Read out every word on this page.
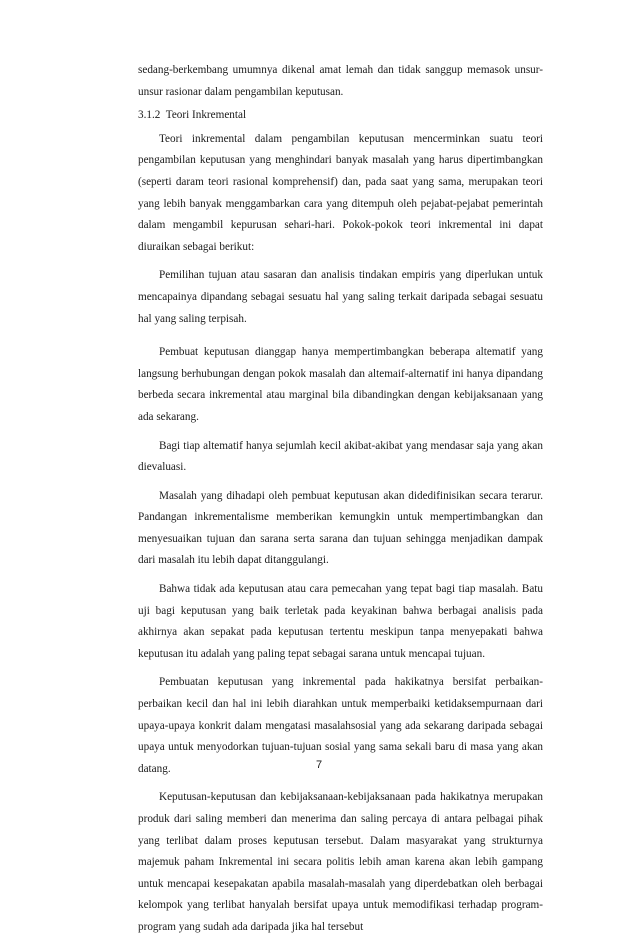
sedang-berkembang umumnya dikenal amat lemah dan tidak sanggup memasok unsur-unsur rasionar dalam pengambilan keputusan.

3.1.2 Teori Inkremental

Teori inkremental dalam pengambilan keputusan mencerminkan suatu teori pengambilan keputusan yang menghindari banyak masalah yang harus dipertimbangkan (seperti daram teori rasional komprehensif) dan, pada saat yang sama, merupakan teori yang lebih banyak menggambarkan cara yang ditempuh oleh pejabat-pejabat pemerintah dalam mengambil kepurusan sehari-hari. Pokok-pokok teori inkremental ini dapat diuraikan sebagai berikut:

Pemilihan tujuan atau sasaran dan analisis tindakan empiris yang diperlukan untuk mencapainya dipandang sebagai sesuatu hal yang saling terkait daripada sebagai sesuatu hal yang saling terpisah.

Pembuat keputusan dianggap hanya mempertimbangkan beberapa altematif yang langsung berhubungan dengan pokok masalah dan altemaif-alternatif ini hanya dipandang berbeda secara inkremental atau marginal bila dibandingkan dengan kebijaksanaan yang ada sekarang.

Bagi tiap altematif hanya sejumlah kecil akibat-akibat yang mendasar saja yang akan dievaluasi.

Masalah yang dihadapi oleh pembuat keputusan akan didedifinisikan secara terarur. Pandangan inkrementalisme memberikan kemungkin untuk mempertimbangkan dan menyesuaikan tujuan dan sarana serta sarana dan tujuan sehingga menjadikan dampak dari masalah itu lebih dapat ditanggulangi.

Bahwa tidak ada keputusan atau cara pemecahan yang tepat bagi tiap masalah. Batu uji bagi keputusan yang baik terletak pada keyakinan bahwa berbagai analisis pada akhirnya akan sepakat pada keputusan tertentu meskipun tanpa menyepakati bahwa keputusan itu adalah yang paling tepat sebagai sarana untuk mencapai tujuan.

Pembuatan keputusan yang inkremental pada hakikatnya bersifat perbaikan-perbaikan kecil dan hal ini lebih diarahkan untuk memperbaiki ketidaksempurnaan dari upaya-upaya konkrit dalam mengatasi masalahsosial yang ada sekarang daripada sebagai upaya untuk menyodorkan tujuan-tujuan sosial yang sama sekali baru di masa yang akan datang.

Keputusan-keputusan dan kebijaksanaan-kebijaksanaan pada hakikatnya merupakan produk dari saling memberi dan menerima dan saling percaya di antara pelbagai pihak yang terlibat dalam proses keputusan tersebut. Dalam masyarakat yang strukturnya majemuk paham Inkremental ini secara politis lebih aman karena akan lebih gampang untuk mencapai kesepakatan apabila masalah-masalah yang diperdebatkan oleh berbagai kelompok yang terlibat hanyalah bersifat upaya untuk memodifikasi terhadap program-program yang sudah ada daripada jika hal tersebut

7
